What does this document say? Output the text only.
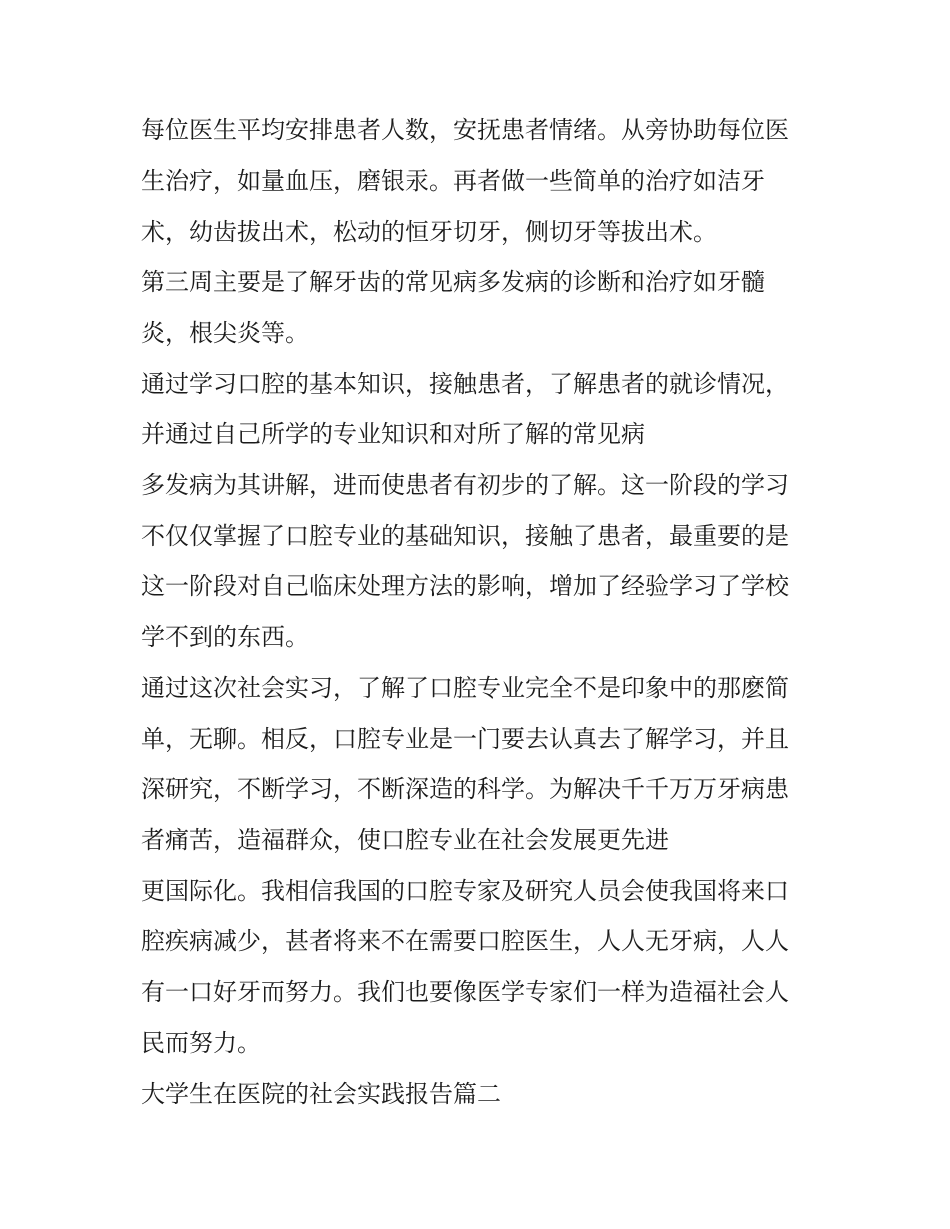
每位医生平均安排患者人数，安抚患者情绪。从旁协助每位医

生治疗，如量血压，磨银汞。再者做一些简单的治疗如洁牙

术，幼齿拔出术，松动的恒牙切牙，侧切牙等拔出术。

第三周主要是了解牙齿的常见病多发病的诊断和治疗如牙髓

炎，根尖炎等。

通过学习口腔的基本知识，接触患者，了解患者的就诊情况，

并通过自己所学的专业知识和对所了解的常见病

多发病为其讲解，进而使患者有初步的了解。这一阶段的学习

不仅仅掌握了口腔专业的基础知识，接触了患者，最重要的是

这一阶段对自己临床处理方法的影响，增加了经验学习了学校

学不到的东西。

通过这次社会实习，了解了口腔专业完全不是印象中的那麽简

单，无聊。相反，口腔专业是一门要去认真去了解学习，并且

深研究，不断学习，不断深造的科学。为解决千千万万牙病患

者痛苦，造福群众，使口腔专业在社会发展更先进

更国际化。我相信我国的口腔专家及研究人员会使我国将来口

腔疾病减少，甚者将来不在需要口腔医生，人人无牙病，人人

有一口好牙而努力。我们也要像医学专家们一样为造福社会人

民而努力。

大学生在医院的社会实践报告篇二
